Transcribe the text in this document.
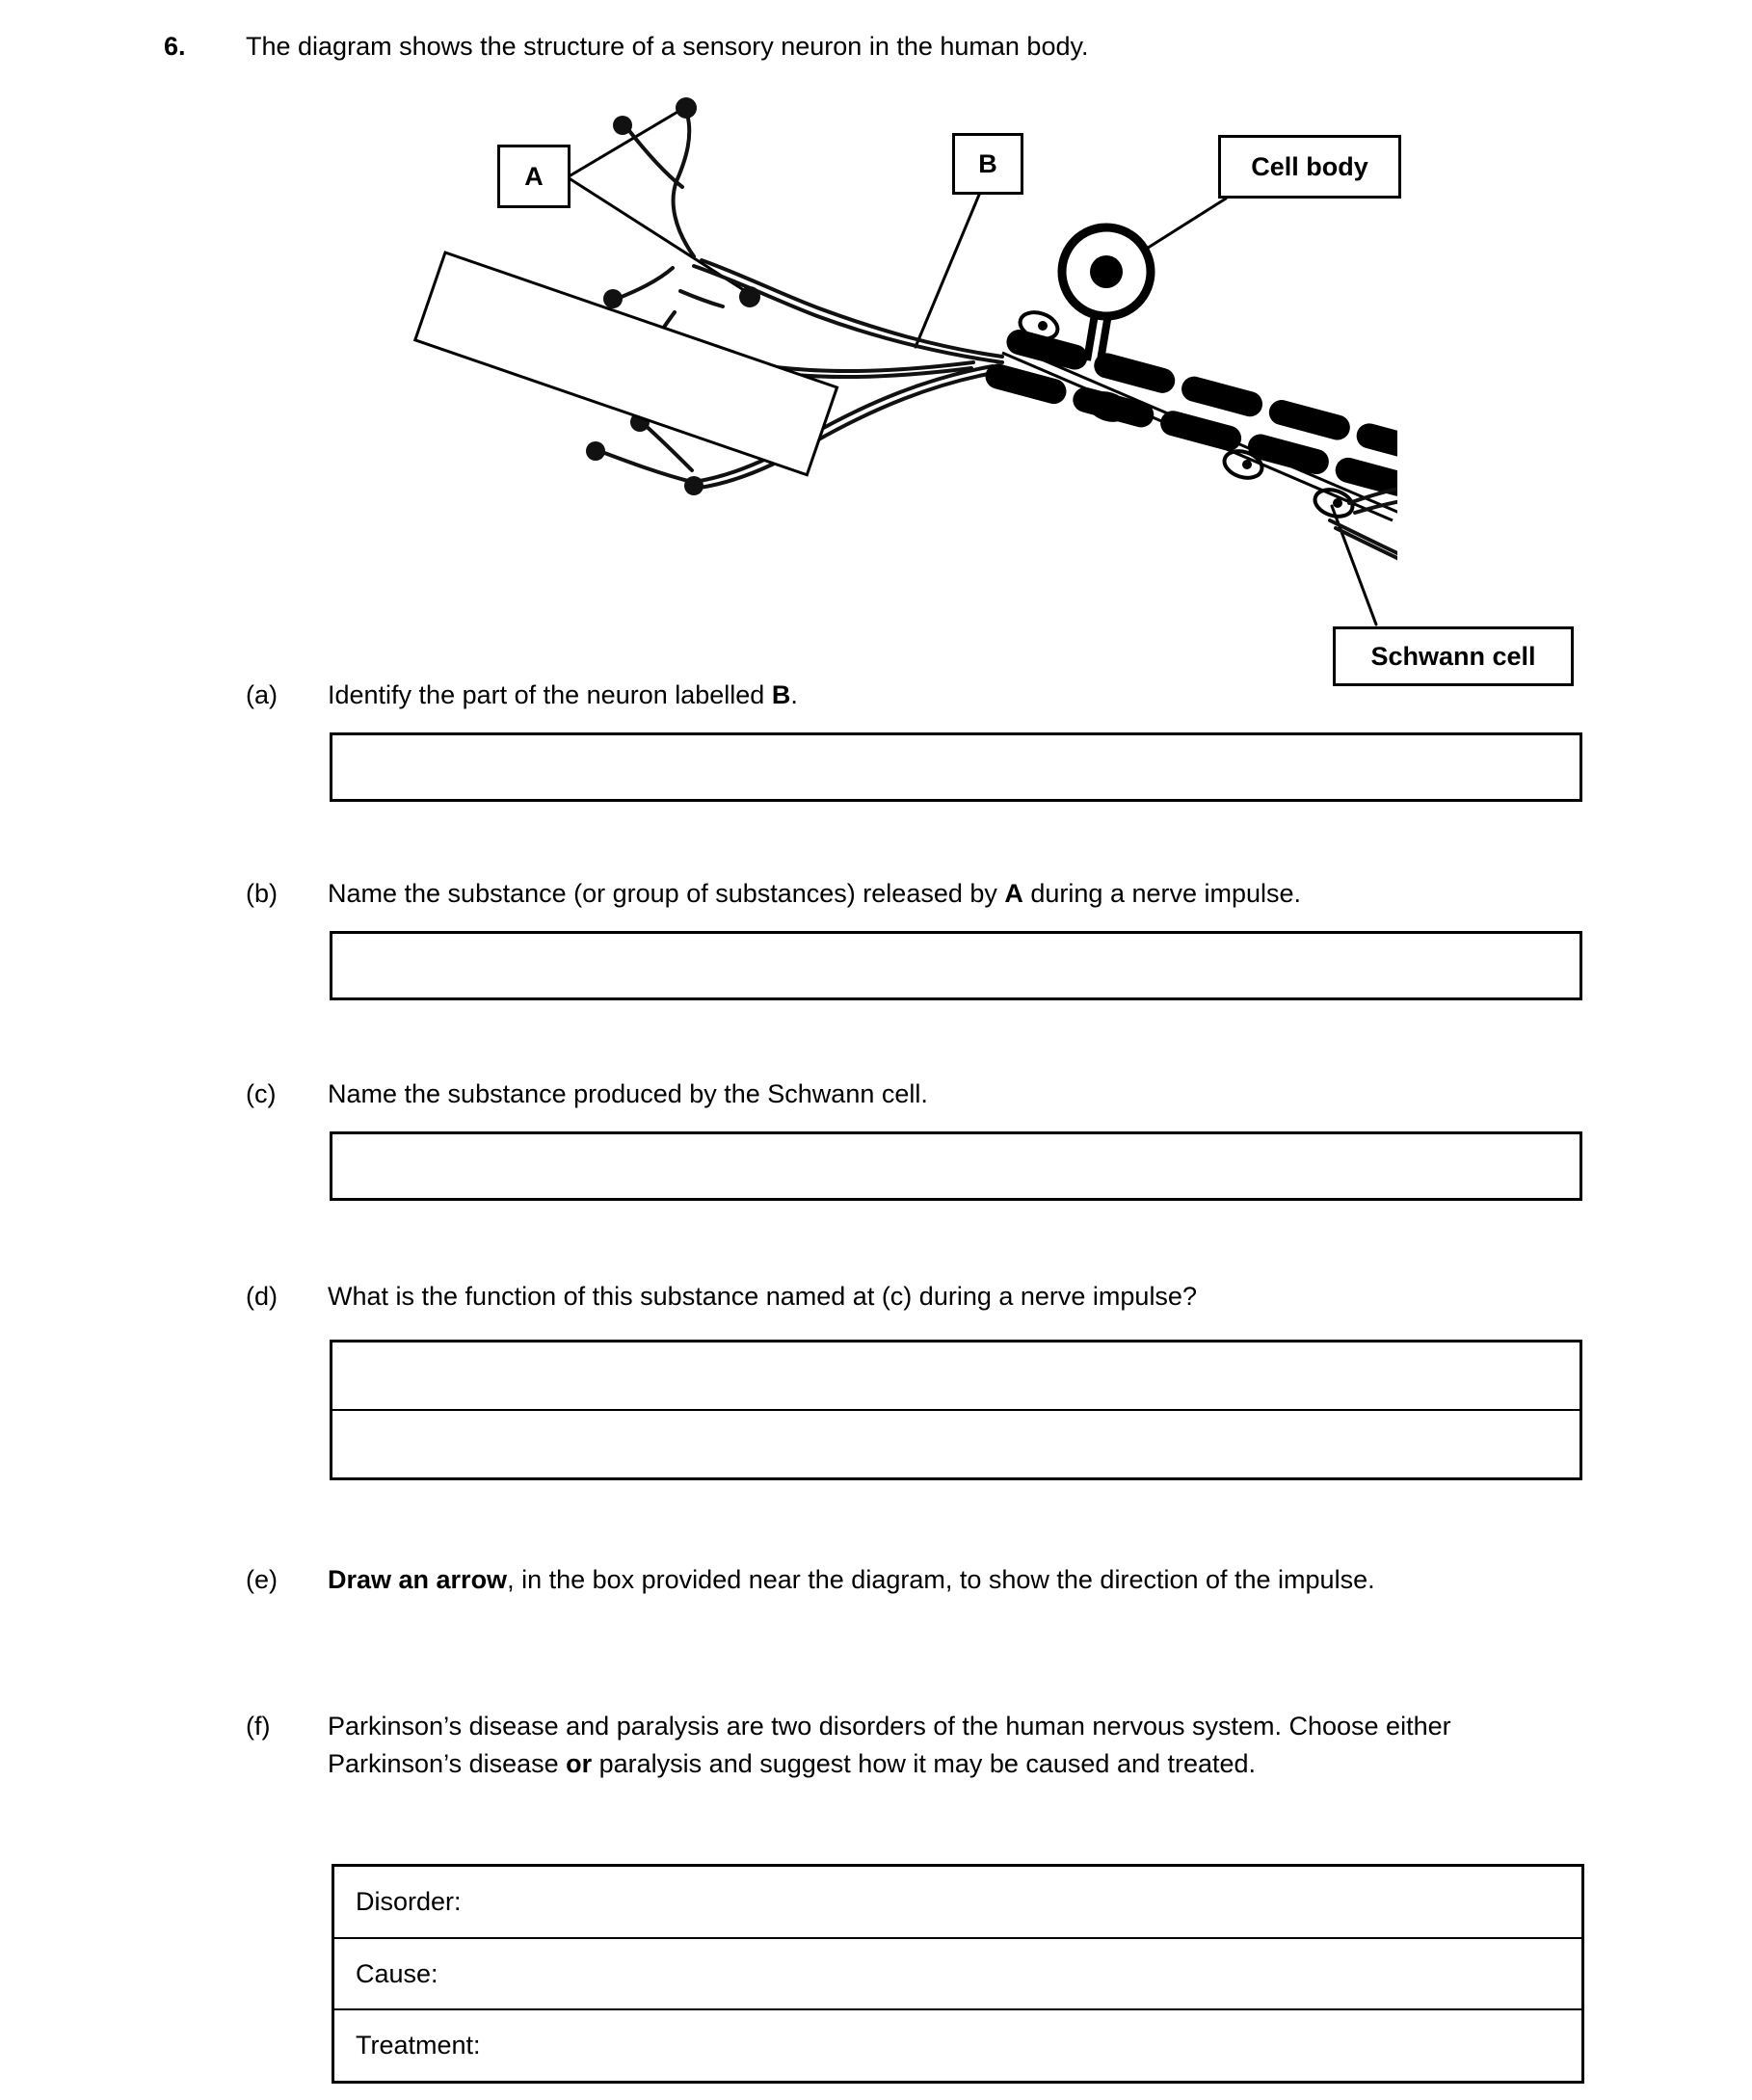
6. The diagram shows the structure of a sensory neuron in the human body.
A	B	Cell body
Schwann cell
(a) Identify the part of the neuron labelled B.
(b) Name the substance (or group of substances) released by A during a nerve impulse.
(c) Name the substance produced by the Schwann cell.
(d) What is the function of this substance named at (c) during a nerve impulse?
(e) Draw an arrow, in the box provided near the diagram, to show the direction of the impulse.
(f) Parkinson’s disease and paralysis are two disorders of the human nervous system. Choose either Parkinson’s disease or paralysis and suggest how it may be caused and treated.
Disorder:
Cause:
Treatment:
